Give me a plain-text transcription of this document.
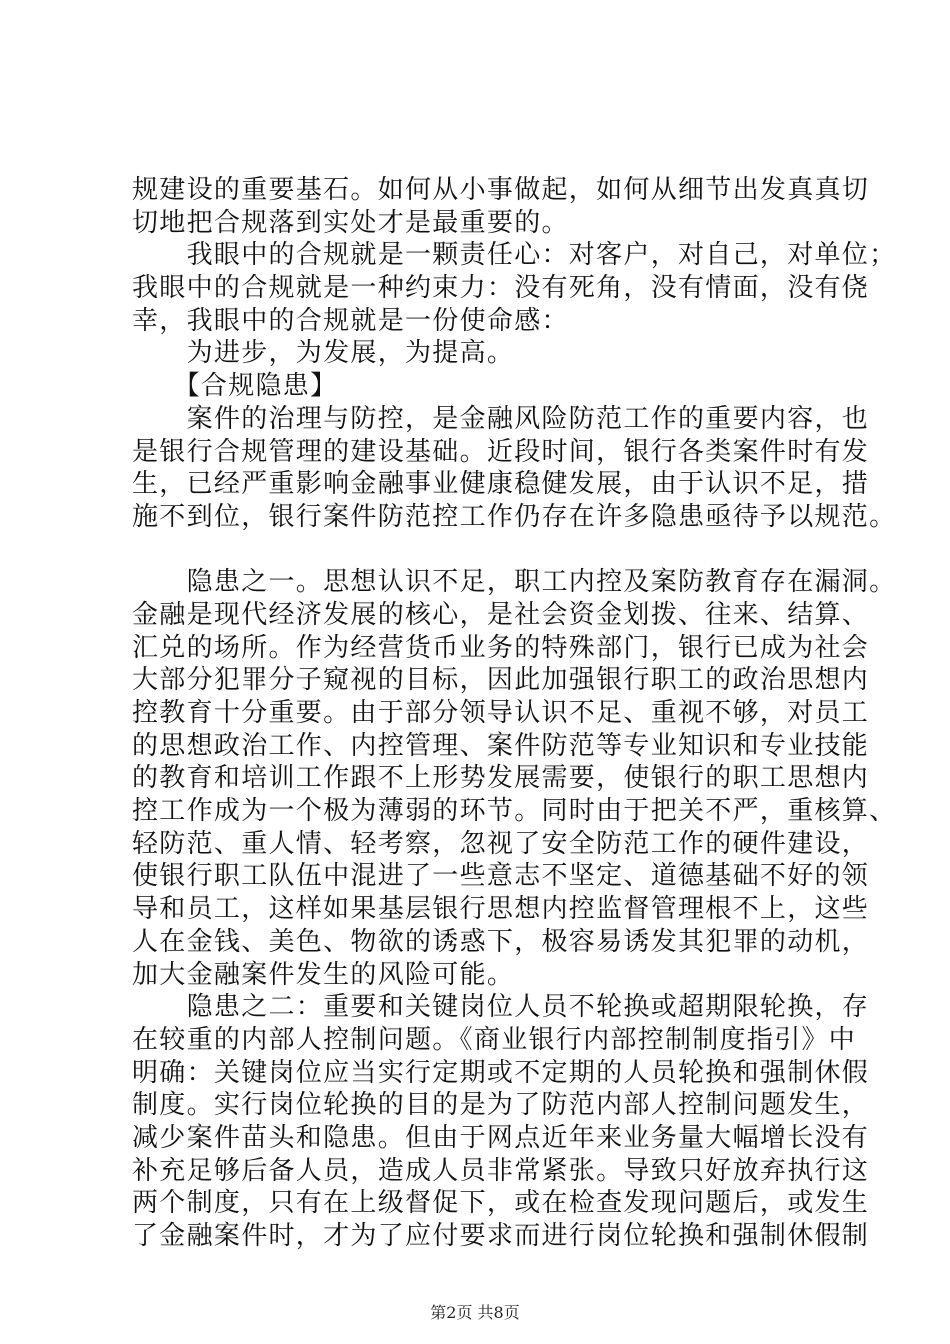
规建设的重要基石。如何从小事做起，如何从细节出发真真切
切地把合规落到实处才是最重要的。
　　我眼中的合规就是一颗责任心：对客户，对自己，对单位；
我眼中的合规就是一种约束力：没有死角，没有情面，没有侥
幸，我眼中的合规就是一份使命感：
　　为进步，为发展，为提高。
　　【合规隐患】
　　案件的治理与防控，是金融风险防范工作的重要内容，也
是银行合规管理的建设基础。近段时间，银行各类案件时有发
生，已经严重影响金融事业健康稳健发展，由于认识不足，措
施不到位，银行案件防范控工作仍存在许多隐患亟待予以规范。
　　隐患之一。思想认识不足，职工内控及案防教育存在漏洞。
金融是现代经济发展的核心，是社会资金划拨、往来、结算、
汇兑的场所。作为经营货币业务的特殊部门，银行已成为社会
大部分犯罪分子窥视的目标，因此加强银行职工的政治思想内
控教育十分重要。由于部分领导认识不足、重视不够，对员工
的思想政治工作、内控管理、案件防范等专业知识和专业技能
的教育和培训工作跟不上形势发展需要，使银行的职工思想内
控工作成为一个极为薄弱的环节。同时由于把关不严，重核算、
轻防范、重人情、轻考察，忽视了安全防范工作的硬件建设，
使银行职工队伍中混进了一些意志不坚定、道德基础不好的领
导和员工，这样如果基层银行思想内控监督管理根不上，这些
人在金钱、美色、物欲的诱惑下，极容易诱发其犯罪的动机，
加大金融案件发生的风险可能。
　　隐患之二：重要和关键岗位人员不轮换或超期限轮换，存
在较重的内部人控制问题。《商业银行内部控制制度指引》中
明确：关键岗位应当实行定期或不定期的人员轮换和强制休假
制度。实行岗位轮换的目的是为了防范内部人控制问题发生，
减少案件苗头和隐患。但由于网点近年来业务量大幅增长没有
补充足够后备人员，造成人员非常紧张。导致只好放弃执行这
两个制度，只有在上级督促下，或在检查发现问题后，或发生
了金融案件时，才为了应付要求而进行岗位轮换和强制休假制
第2页 共8页
